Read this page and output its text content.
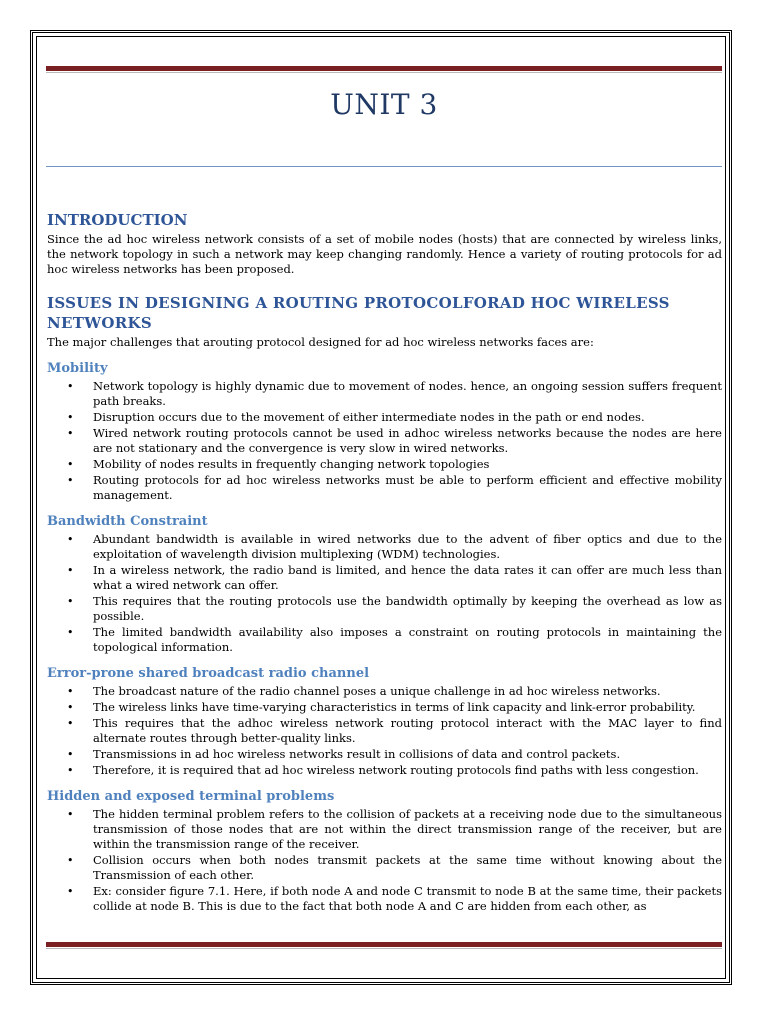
UNIT 3
INTRODUCTION

Since the ad hoc wireless network consists of a set of mobile nodes (hosts) that are connected by wireless links, the network topology in such a network may keep changing randomly. Hence a variety of routing protocols for ad hoc wireless networks has been proposed.

ISSUES IN DESIGNING A ROUTING PROTOCOLFORAD HOC WIRELESS NETWORKS

The major challenges that arouting protocol designed for ad hoc wireless networks faces are:

Mobility
• Network topology is highly dynamic due to movement of nodes. hence, an ongoing session suffers frequent path breaks.
• Disruption occurs due to the movement of either intermediate nodes in the path or end nodes.
• Wired network routing protocols cannot be used in adhoc wireless networks because the nodes are here are not stationary and the convergence is very slow in wired networks.
• Mobility of nodes results in frequently changing network topologies
• Routing protocols for ad hoc wireless networks must be able to perform efficient and effective mobility management.
Bandwidth Constraint
• Abundant bandwidth is available in wired networks due to the advent of fiber optics and due to the exploitation of wavelength division multiplexing (WDM) technologies.
• In a wireless network, the radio band is limited, and hence the data rates it can offer are much less than what a wired network can offer.
• This requires that the routing protocols use the bandwidth optimally by keeping the overhead as low as possible.
• The limited bandwidth availability also imposes a constraint on routing protocols in maintaining the topological information.
Error-prone shared broadcast radio channel
• The broadcast nature of the radio channel poses a unique challenge in ad hoc wireless networks.
• The wireless links have time-varying characteristics in terms of link capacity and link-error probability.
• This requires that the adhoc wireless network routing protocol interact with the MAC layer to find alternate routes through better-quality links.
• Transmissions in ad hoc wireless networks result in collisions of data and control packets.
• Therefore, it is required that ad hoc wireless network routing protocols find paths with less congestion.
Hidden and exposed terminal problems
• The hidden terminal problem refers to the collision of packets at a receiving node due to the simultaneous transmission of those nodes that are not within the direct transmission range of the receiver, but are within the transmission range of the receiver.
• Collision occurs when both nodes transmit packets at the same time without knowing about the Transmission of each other.
• Ex: consider figure 7.1. Here, if both node A and node C transmit to node B at the same time, their packets collide at node B. This is due to the fact that both node A and C are hidden from each other, as
